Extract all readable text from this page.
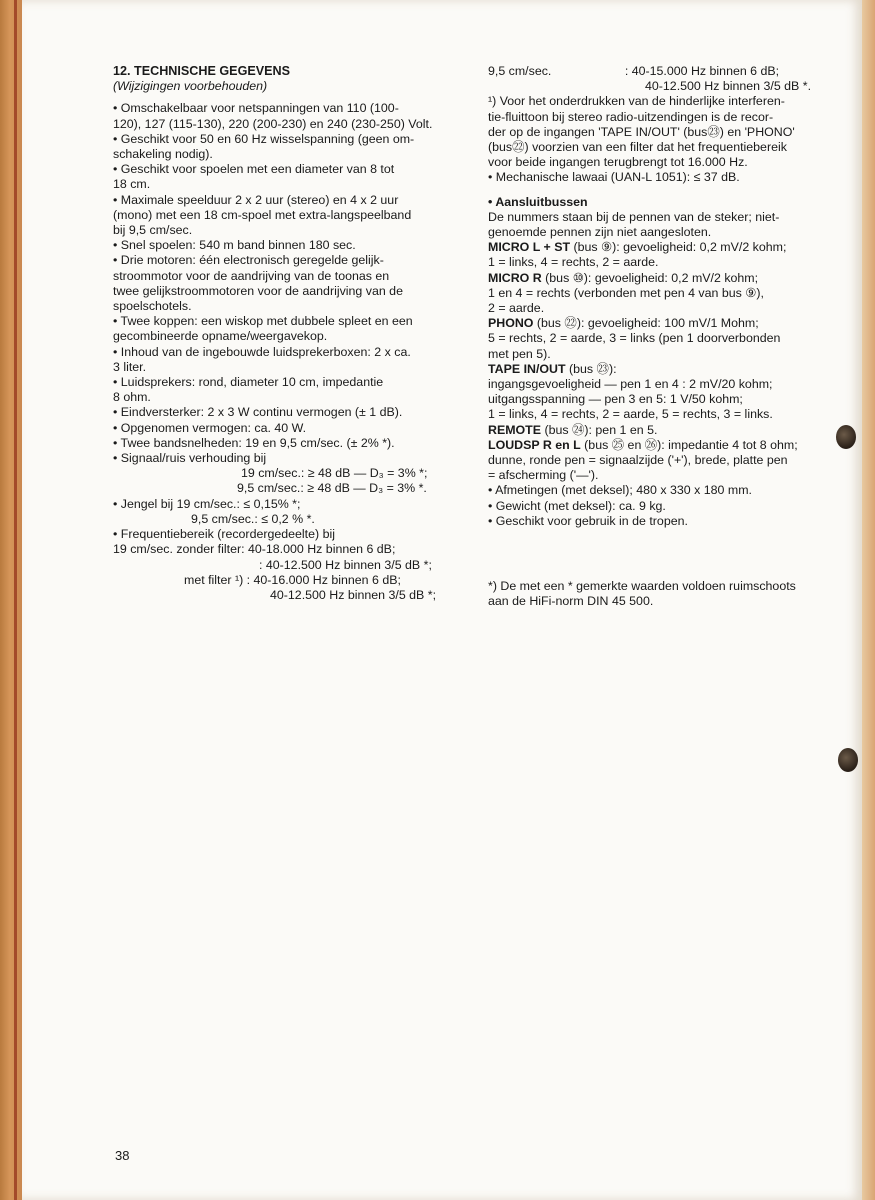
12. TECHNISCHE GEGEVENS

(Wijzigingen voorbehouden)

• Omschakelbaar voor netspanningen van 110 (100-

120), 127 (115-130), 220 (200-230) en 240 (230-250) Volt.

• Geschikt voor 50 en 60 Hz wisselspanning (geen om-

schakeling nodig).

• Geschikt voor spoelen met een diameter van 8 tot

18 cm.

• Maximale speelduur 2 x 2 uur (stereo) en 4 x 2 uur

(mono) met een 18 cm-spoel met extra-langspeelband

bij 9,5 cm/sec.

• Snel spoelen: 540 m band binnen 180 sec.

• Drie motoren: één electronisch geregelde gelijk-

stroommotor voor de aandrijving van de toonas en

twee gelijkstroommotoren voor de aandrijving van de

spoelschotels.

• Twee koppen: een wiskop met dubbele spleet en een

gecombineerde opname/weergavekop.

• Inhoud van de ingebouwde luidsprekerboxen: 2 x ca.

3 liter.

• Luidsprekers: rond, diameter 10 cm, impedantie

8 ohm.

• Eindversterker: 2 x 3 W continu vermogen (± 1 dB).

• Opgenomen vermogen: ca. 40 W.

• Twee bandsnelheden: 19 en 9,5 cm/sec. (± 2% *).

• Signaal/ruis verhouding bij

19 cm/sec.: ≥ 48 dB — D₃ = 3% *;

9,5 cm/sec.: ≥ 48 dB — D₃ = 3% *.

• Jengel bij 19 cm/sec.: ≤ 0,15% *;

9,5 cm/sec.: ≤ 0,2 % *.

• Frequentiebereik (recordergedeelte) bij

19 cm/sec. zonder filter: 40-18.000 Hz binnen 6 dB;

: 40-12.500 Hz binnen 3/5 dB *;

met filter ¹) : 40-16.000 Hz binnen 6 dB;

40-12.500 Hz binnen 3/5 dB *;

9,5 cm/sec.	: 40-15.000 Hz binnen 6 dB;

40-12.500 Hz binnen 3/5 dB *.

¹) Voor het onderdrukken van de hinderlijke interferen-

tie-fluittoon bij stereo radio-uitzendingen is de recor-

der op de ingangen 'TAPE IN/OUT' (bus㉓) en 'PHONO'

(bus㉒) voorzien van een filter dat het frequentiebereik

voor beide ingangen terugbrengt tot 16.000 Hz.

• Mechanische lawaai (UAN-L 1051): ≤ 37 dB.

• Aansluitbussen

De nummers staan bij de pennen van de steker; niet-

genoemde pennen zijn niet aangesloten.

MICRO L + ST (bus ⑨): gevoeligheid: 0,2 mV/2 kohm;

1 = links, 4 = rechts, 2 = aarde.

MICRO R (bus ⑩): gevoeligheid: 0,2 mV/2 kohm;

1 en 4 = rechts (verbonden met pen 4 van bus ⑨),

2 = aarde.

PHONO (bus ㉒): gevoeligheid: 100 mV/1 Mohm;

5 = rechts, 2 = aarde, 3 = links (pen 1 doorverbonden

met pen 5).

TAPE IN/OUT (bus ㉓):

ingangsgevoeligheid — pen 1 en 4 : 2 mV/20 kohm;

uitgangsspanning — pen 3 en 5: 1 V/50 kohm;

1 = links, 4 = rechts, 2 = aarde, 5 = rechts, 3 = links.

REMOTE (bus ㉔): pen 1 en 5.

LOUDSP R en L (bus ㉕ en ㉖): impedantie 4 tot 8 ohm;

dunne, ronde pen = signaalzijde ('+'), brede, platte pen

= afscherming ('—').

• Afmetingen (met deksel); 480 x 330 x 180 mm.

• Gewicht (met deksel): ca. 9 kg.

• Geschikt voor gebruik in de tropen.

*) De met een * gemerkte waarden voldoen ruimschoots

aan de HiFi-norm DIN 45 500.

38
